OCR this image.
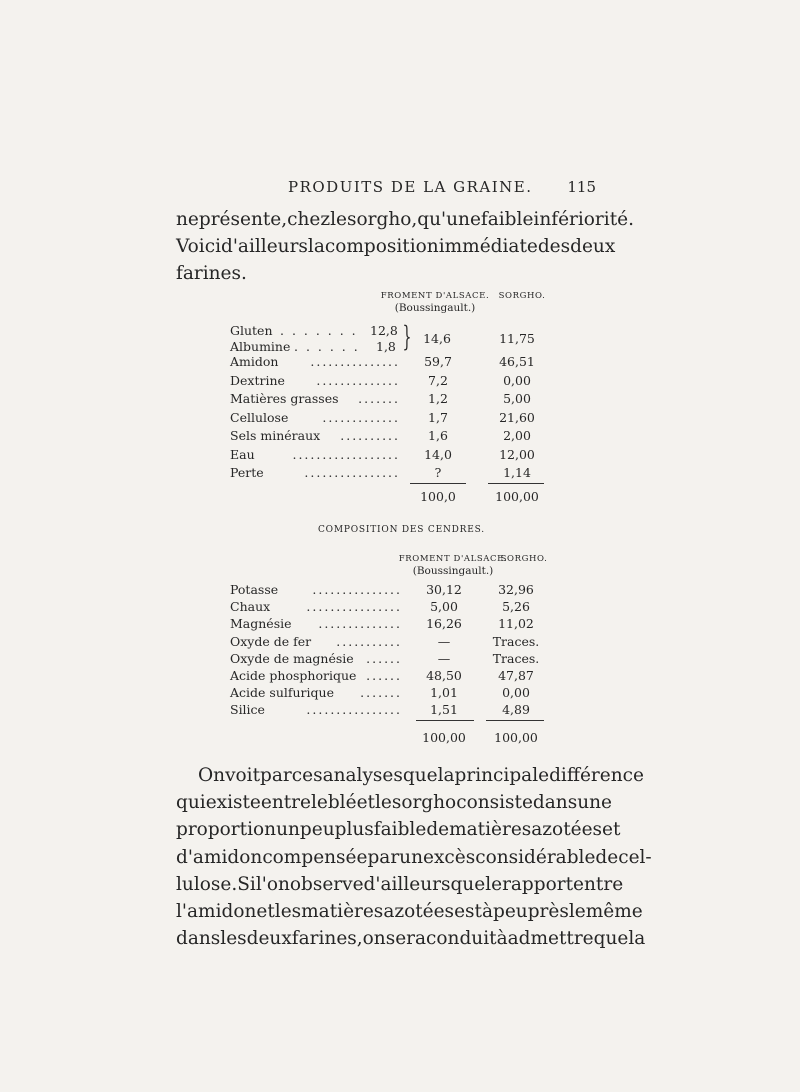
PRODUITS DE LA GRAINE. 115
ne présente, chez le sorgho, qu'une faible infériorité.
Voici d'ailleurs la composition immédiate des deux
farines.
FROMENT D'ALSACE.
(Boussingault.)
SORGHO.
Gluten . . . . . . . 12,8
Albumine . . . . . . 1,8 } 14,6	11,75
Amidon	...............	59,7	46,51
Dextrine	..............	7,2	0,00
Matières grasses .......	1,2	5,00
Cellulose	.............	1,7	21,60
Sels minéraux ..........	1,6	2,00
Eau	..................	14,0	12,00
Perte	................	?	1,14
100,0	100,00
COMPOSITION DES CENDRES.
FROMENT D'ALSACE.
(Boussingault.)
SORGHO.
Potasse	...............	30,12	32,96
Chaux	................	5,00	5,26
Magnésie ..............	16,26	11,02
Oxyde de fer ...........	—	Traces.
Oxyde de magnésie ......	—	Traces.
Acide phosphorique ......	48,50	47,87
Acide sulfurique .......	1,01	0,00
Silice	................	1,51	4,89
100,00	100,00
On voit par ces analyses que la principale différence
qui existe entre le blé et le sorgho consiste dans une
proportion un peu plus faible de matières azotées et
d'amidon compensée par un excès considérable de cel-
lulose. Si l'on observe d'ailleurs que le rapport entre
l'amidon et les matières azotées est à peu près le même
dans les deux farines, on sera conduit à admettre que la
